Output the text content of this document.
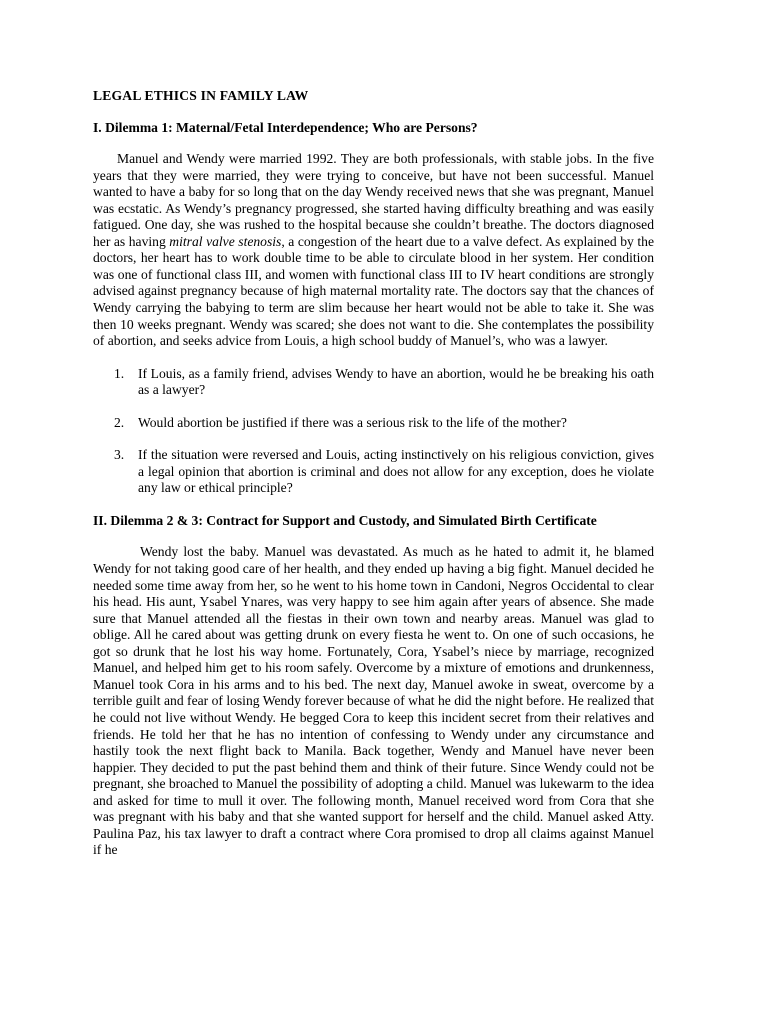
LEGAL ETHICS IN FAMILY LAW
I. Dilemma 1: Maternal/Fetal Interdependence; Who are Persons?

Manuel and Wendy were married 1992. They are both professionals, with stable jobs. In the five years that they were married, they were trying to conceive, but have not been successful. Manuel wanted to have a baby for so long that on the day Wendy received news that she was pregnant, Manuel was ecstatic. As Wendy’s pregnancy progressed, she started having difficulty breathing and was easily fatigued. One day, she was rushed to the hospital because she couldn’t breathe. The doctors diagnosed her as having mitral valve stenosis, a congestion of the heart due to a valve defect. As explained by the doctors, her heart has to work double time to be able to circulate blood in her system. Her condition was one of functional class III, and women with functional class III to IV heart conditions are strongly advised against pregnancy because of high maternal mortality rate. The doctors say that the chances of Wendy carrying the babying to term are slim because her heart would not be able to take it. She was then 10 weeks pregnant. Wendy was scared; she does not want to die. She contemplates the possibility of abortion, and seeks advice from Louis, a high school buddy of Manuel’s, who was a lawyer.

1.	If Louis, as a family friend, advises Wendy to have an abortion, would he be breaking his oath as a lawyer?
2.	Would abortion be justified if there was a serious risk to the life of the mother?
3.	If the situation were reversed and Louis, acting instinctively on his religious conviction, gives a legal opinion that abortion is criminal and does not allow for any exception, does he violate any law or ethical principle?
II. Dilemma 2 & 3: Contract for Support and Custody, and Simulated Birth Certificate

Wendy lost the baby. Manuel was devastated. As much as he hated to admit it, he blamed Wendy for not taking good care of her health, and they ended up having a big fight. Manuel decided he needed some time away from her, so he went to his home town in Candoni, Negros Occidental to clear his head. His aunt, Ysabel Ynares, was very happy to see him again after years of absence. She made sure that Manuel attended all the fiestas in their own town and nearby areas. Manuel was glad to oblige. All he cared about was getting drunk on every fiesta he went to. On one of such occasions, he got so drunk that he lost his way home. Fortunately, Cora, Ysabel’s niece by marriage, recognized Manuel, and helped him get to his room safely. Overcome by a mixture of emotions and drunkenness, Manuel took Cora in his arms and to his bed. The next day, Manuel awoke in sweat, overcome by a terrible guilt and fear of losing Wendy forever because of what he did the night before. He realized that he could not live without Wendy. He begged Cora to keep this incident secret from their relatives and friends. He told her that he has no intention of confessing to Wendy under any circumstance and hastily took the next flight back to Manila. Back together, Wendy and Manuel have never been happier. They decided to put the past behind them and think of their future. Since Wendy could not be pregnant, she broached to Manuel the possibility of adopting a child. Manuel was lukewarm to the idea and asked for time to mull it over. The following month, Manuel received word from Cora that she was pregnant with his baby and that she wanted support for herself and the child. Manuel asked Atty. Paulina Paz, his tax lawyer to draft a contract where Cora promised to drop all claims against Manuel if he
